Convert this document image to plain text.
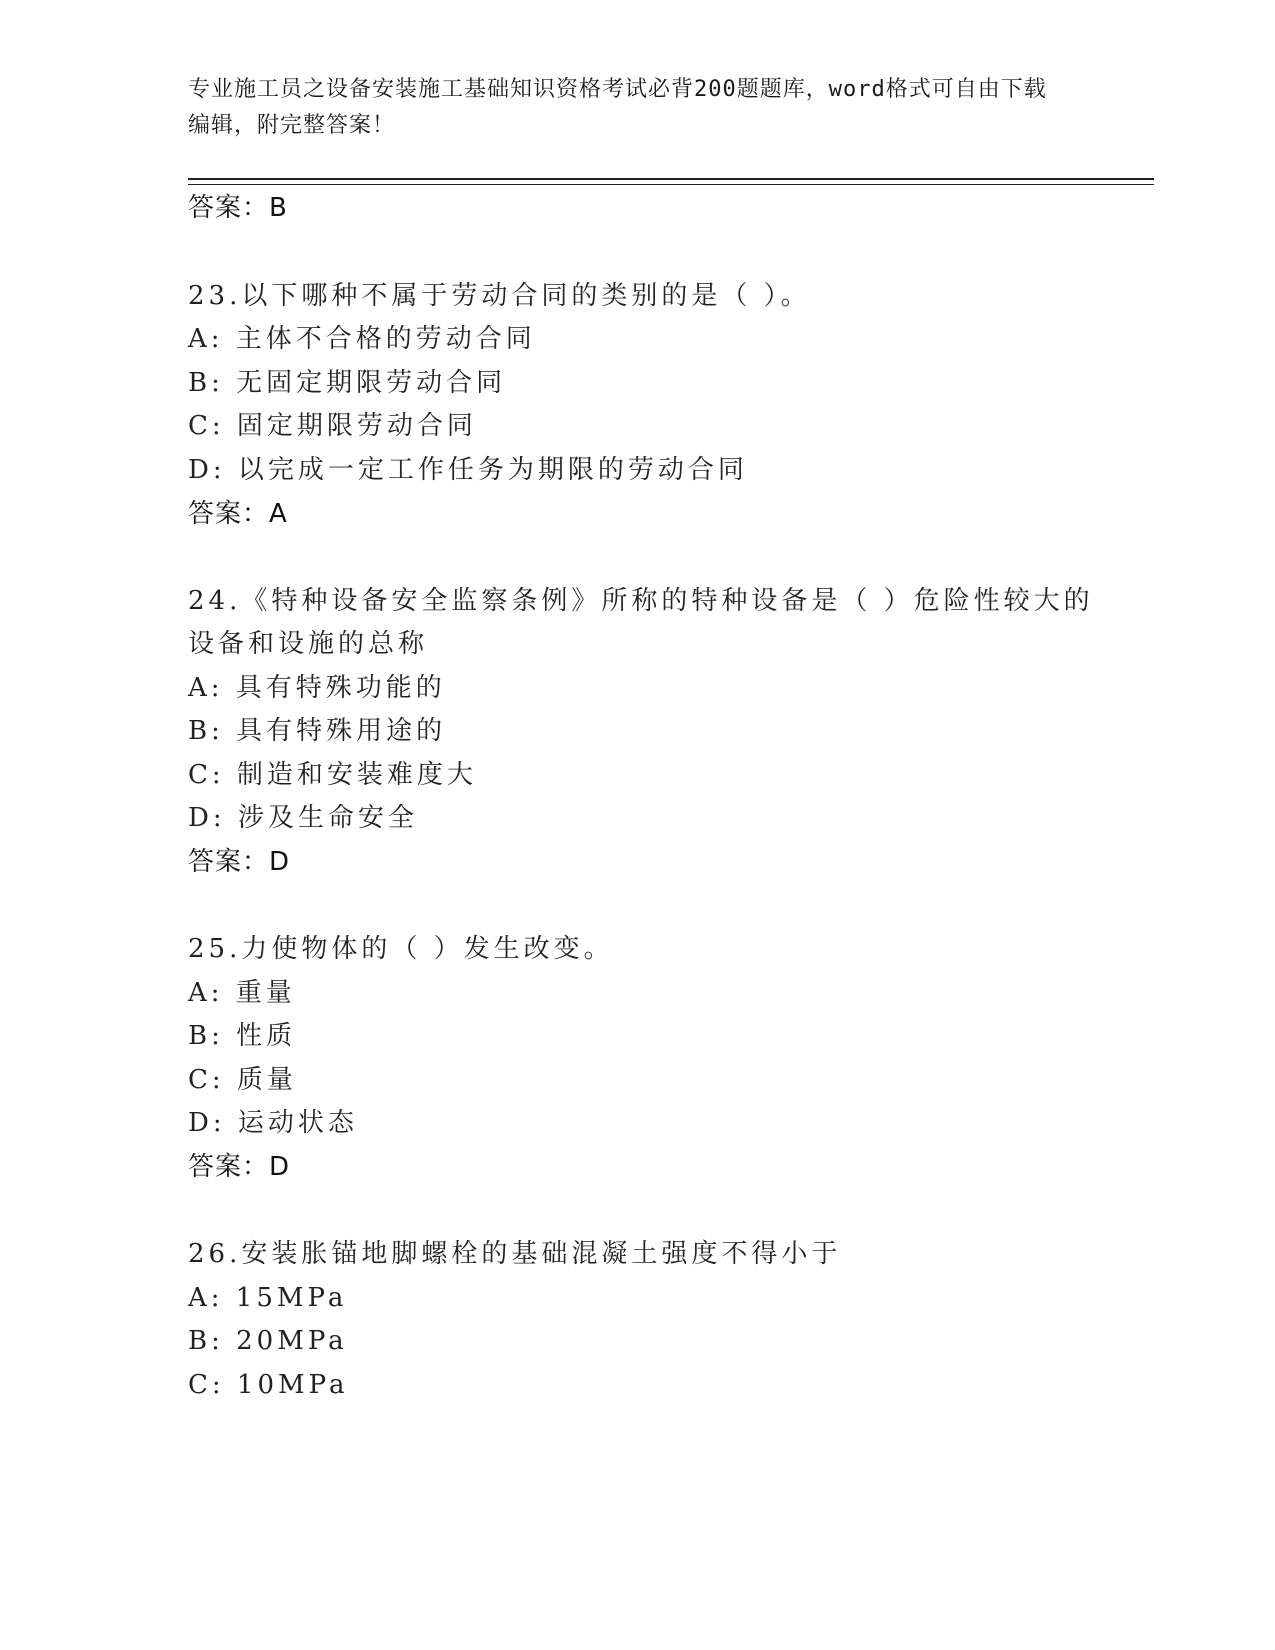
专业施工员之设备安装施工基础知识资格考试必背200题题库，word格式可自由下载编辑，附完整答案！

答案：B
23.以下哪种不属于劳动合同的类别的是（ ）。
A: 主体不合格的劳动合同
B: 无固定期限劳动合同
C: 固定期限劳动合同
D: 以完成一定工作任务为期限的劳动合同
答案：A
24.《特种设备安全监察条例》所称的特种设备是（ ）危险性较大的
设备和设施的总称
A: 具有特殊功能的
B: 具有特殊用途的
C: 制造和安装难度大
D: 涉及生命安全
答案：D
25.力使物体的（ ）发生改变。
A: 重量
B: 性质
C: 质量
D: 运动状态
答案：D
26.安装胀锚地脚螺栓的基础混凝土强度不得小于
A: 15MPa
B: 20MPa
C: 10MPa
